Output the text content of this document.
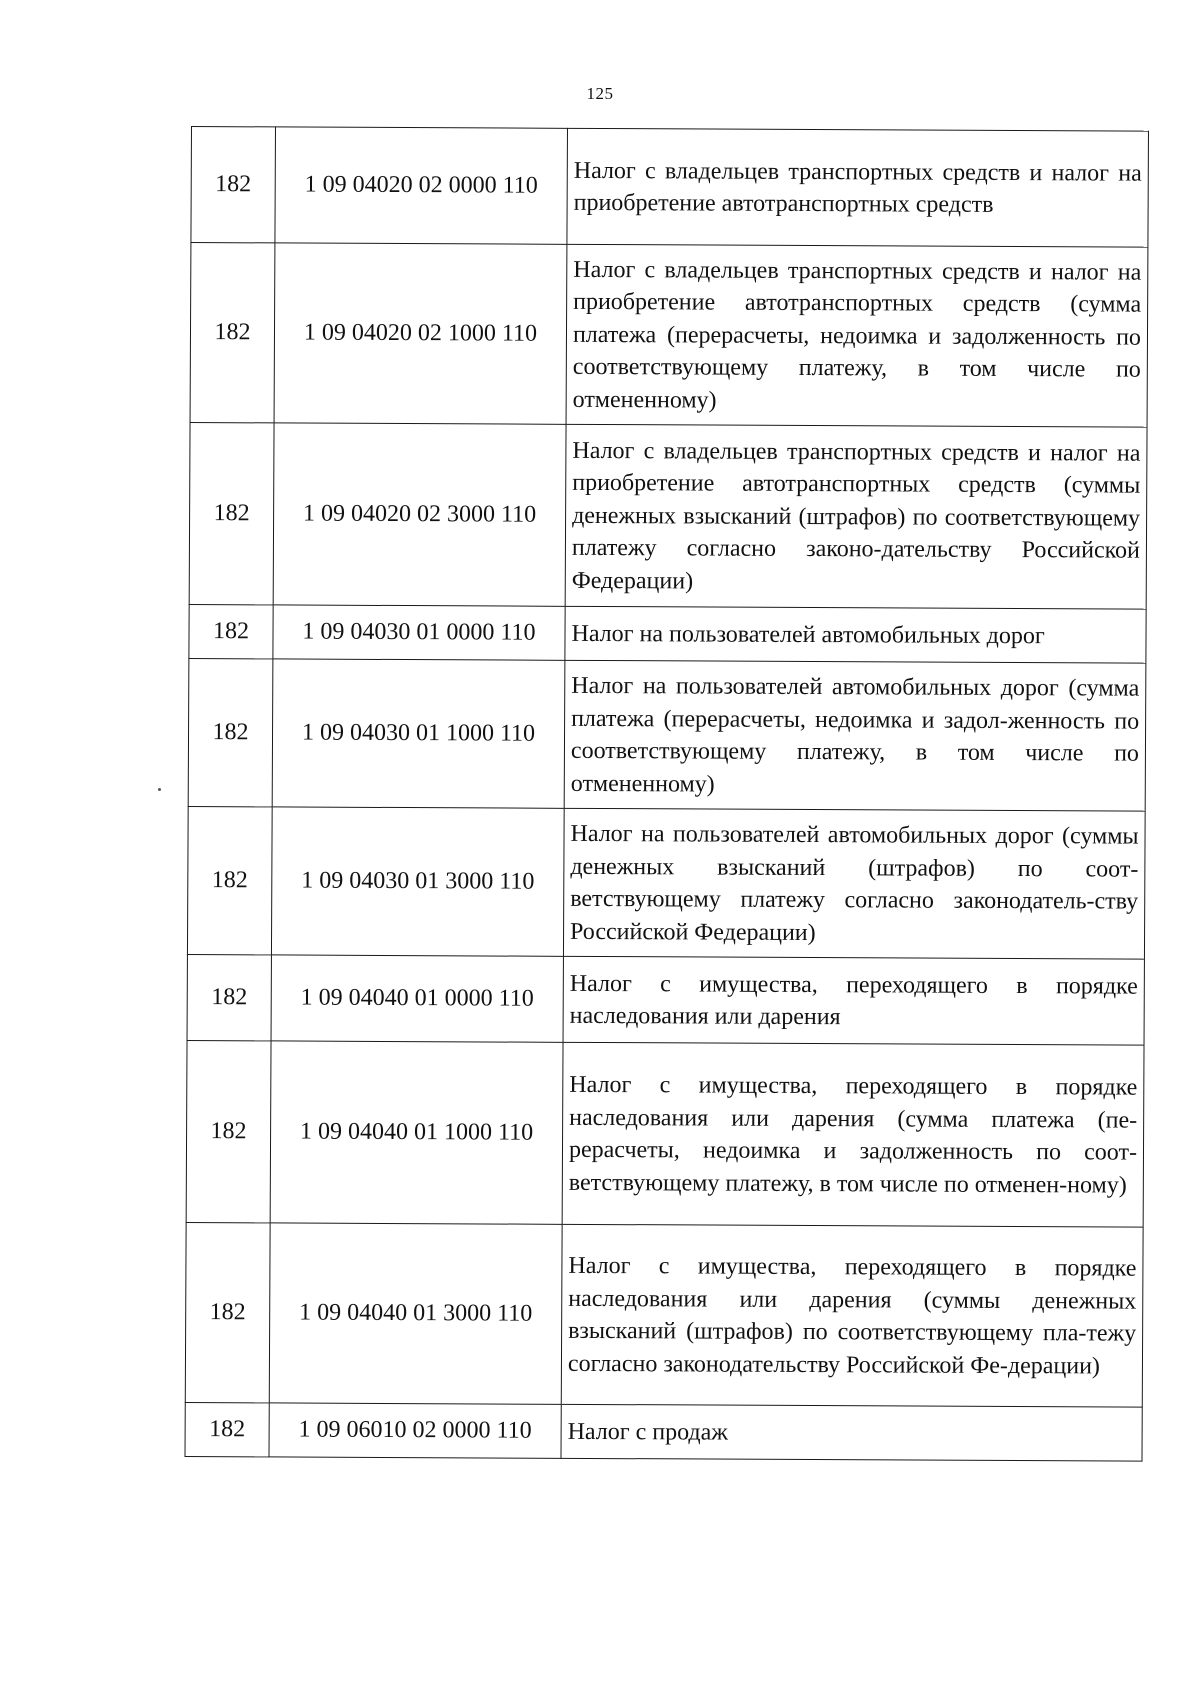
125
182	1 09 04020 02 0000 110	Налог с владельцев транспортных средств и налог на приобретение автотранспортных средств
182	1 09 04020 02 1000 110	Налог с владельцев транспортных средств и налог на приобретение автотранспортных средств (сумма платежа (перерасчеты, недоимка и задолженность по соответствующему платежу, в том числе по отмененному)
182	1 09 04020 02 3000 110	Налог с владельцев транспортных средств и налог на приобретение автотранспортных средств (суммы денежных взысканий (штрафов) по соответствующему платежу согласно законо-дательству Российской Федерации)
182	1 09 04030 01 0000 110	Налог на пользователей автомобильных дорог
182	1 09 04030 01 1000 110	Налог на пользователей автомобильных дорог (сумма платежа (перерасчеты, недоимка и задол-женность по соответствующему платежу, в том числе по отмененному)
182	1 09 04030 01 3000 110	Налог на пользователей автомобильных дорог (суммы денежных взысканий (штрафов) по соот-ветствующему платежу согласно законодатель-ству Российской Федерации)
182	1 09 04040 01 0000 110	Налог с имущества, переходящего в порядке наследования или дарения
182	1 09 04040 01 1000 110	Налог с имущества, переходящего в порядке наследования или дарения (сумма платежа (пе-рерасчеты, недоимка и задолженность по соот-ветствующему платежу, в том числе по отменен-ному)
182	1 09 04040 01 3000 110	Налог с имущества, переходящего в порядке наследования или дарения (суммы денежных взысканий (штрафов) по соответствующему пла-тежу согласно законодательству Российской Фе-дерации)
182	1 09 06010 02 0000 110	Налог с продаж
